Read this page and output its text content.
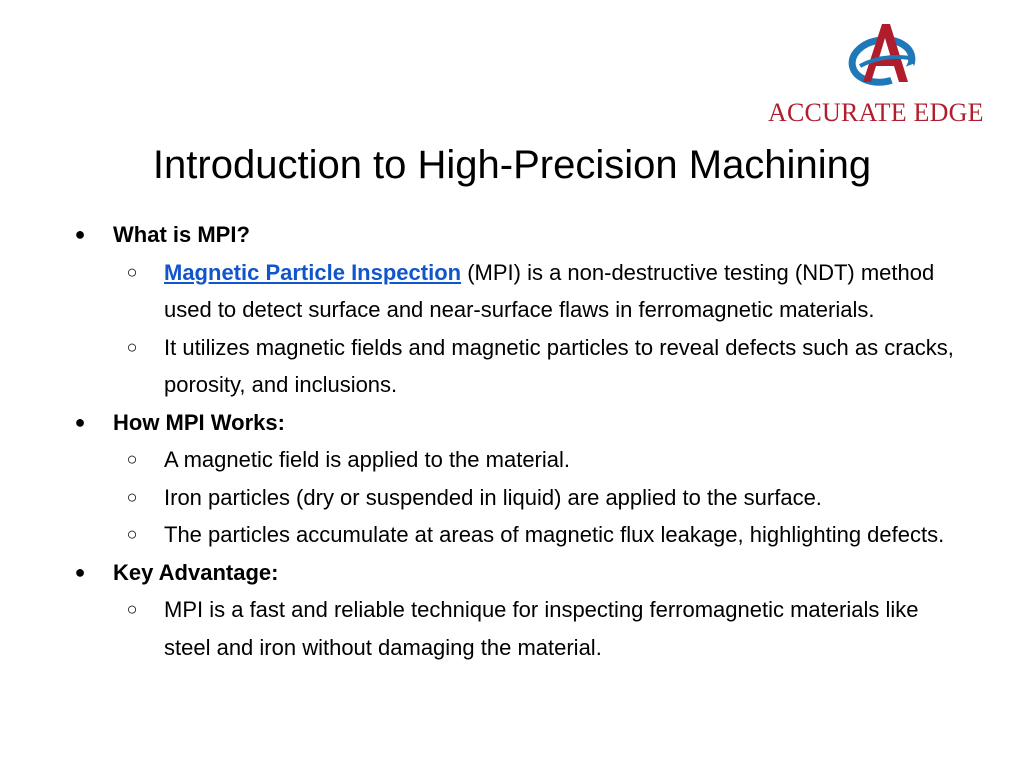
ACCURATE EDGE
Introduction to High-Precision Machining
● What is MPI?
○ Magnetic Particle Inspection (MPI) is a non-destructive testing (NDT) method used to detect surface and near-surface flaws in ferromagnetic materials.
○ It utilizes magnetic fields and magnetic particles to reveal defects such as cracks, porosity, and inclusions.
● How MPI Works:
○ A magnetic field is applied to the material.
○ Iron particles (dry or suspended in liquid) are applied to the surface.
○ The particles accumulate at areas of magnetic flux leakage, highlighting defects.
● Key Advantage:
○ MPI is a fast and reliable technique for inspecting ferromagnetic materials like steel and iron without damaging the material.
